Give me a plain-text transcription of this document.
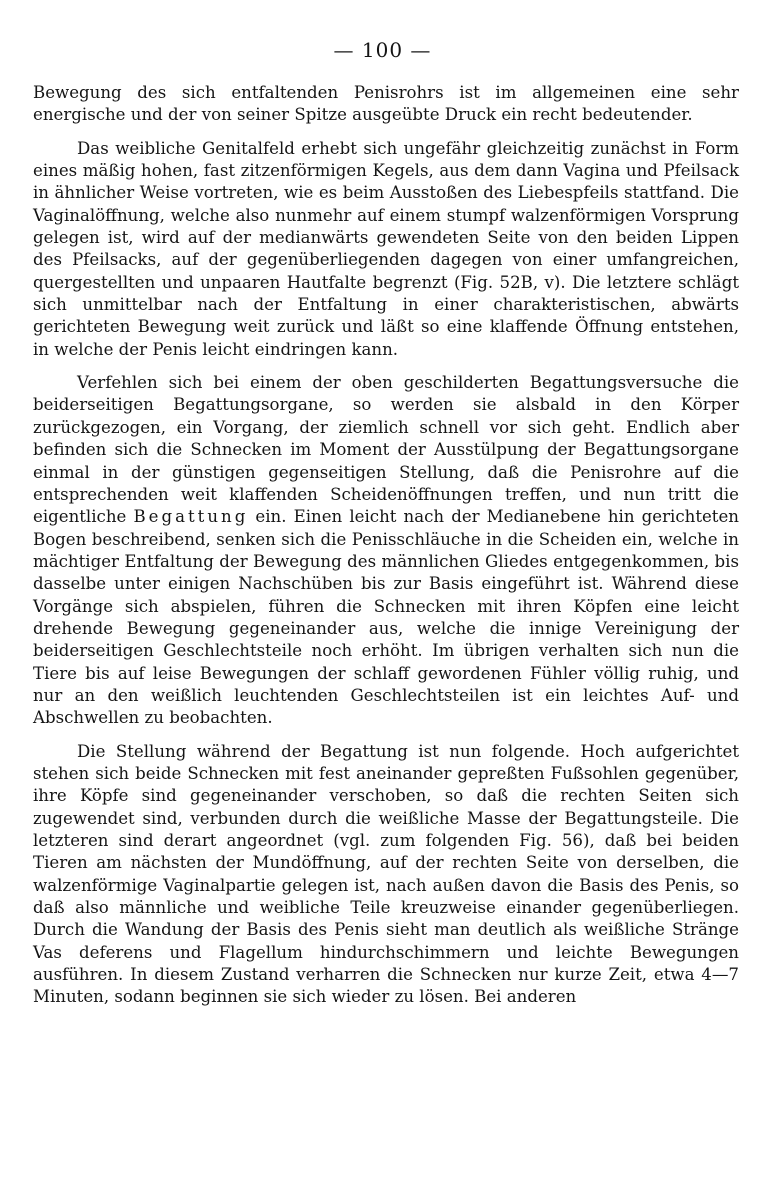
— 100 —

Bewegung des sich entfaltenden Penisrohrs ist im allgemeinen eine sehr energische und der von seiner Spitze ausgeübte Druck ein recht bedeutender.

Das weibliche Genitalfeld erhebt sich ungefähr gleichzeitig zunächst in Form eines mäßig hohen, fast zitzenförmigen Kegels, aus dem dann Vagina und Pfeilsack in ähnlicher Weise vortreten, wie es beim Ausstoßen des Liebespfeils stattfand. Die Vaginalöffnung, welche also nunmehr auf einem stumpf walzenförmigen Vorsprung gelegen ist, wird auf der medianwärts gewendeten Seite von den beiden Lippen des Pfeilsacks, auf der gegenüberliegenden dagegen von einer umfangreichen, quergestellten und unpaaren Hautfalte begrenzt (Fig. 52B, v). Die letztere schlägt sich unmittelbar nach der Entfaltung in einer charakteristischen, abwärts gerichteten Bewegung weit zurück und läßt so eine klaffende Öffnung entstehen, in welche der Penis leicht eindringen kann.

Verfehlen sich bei einem der oben geschilderten Begattungsversuche die beiderseitigen Begattungsorgane, so werden sie alsbald in den Körper zurückgezogen, ein Vorgang, der ziemlich schnell vor sich geht. Endlich aber befinden sich die Schnecken im Moment der Ausstülpung der Begattungsorgane einmal in der günstigen gegenseitigen Stellung, daß die Penisrohre auf die entsprechenden weit klaffenden Scheidenöffnungen treffen, und nun tritt die eigentliche Begattung ein. Einen leicht nach der Medianebene hin gerichteten Bogen beschreibend, senken sich die Penisschläuche in die Scheiden ein, welche in mächtiger Entfaltung der Bewegung des männlichen Gliedes entgegenkommen, bis dasselbe unter einigen Nachschüben bis zur Basis eingeführt ist. Während diese Vorgänge sich abspielen, führen die Schnecken mit ihren Köpfen eine leicht drehende Bewegung gegeneinander aus, welche die innige Vereinigung der beiderseitigen Geschlechtsteile noch erhöht. Im übrigen verhalten sich nun die Tiere bis auf leise Bewegungen der schlaff gewordenen Fühler völlig ruhig, und nur an den weißlich leuchtenden Geschlechtsteilen ist ein leichtes Auf- und Abschwellen zu beobachten.

Die Stellung während der Begattung ist nun folgende. Hoch aufgerichtet stehen sich beide Schnecken mit fest aneinander gepreßten Fußsohlen gegenüber, ihre Köpfe sind gegeneinander verschoben, so daß die rechten Seiten sich zugewendet sind, verbunden durch die weißliche Masse der Begattungsteile. Die letzteren sind derart angeordnet (vgl. zum folgenden Fig. 56), daß bei beiden Tieren am nächsten der Mundöffnung, auf der rechten Seite von derselben, die walzenförmige Vaginalpartie gelegen ist, nach außen davon die Basis des Penis, so daß also männliche und weibliche Teile kreuzweise einander gegenüberliegen. Durch die Wandung der Basis des Penis sieht man deutlich als weißliche Stränge Vas deferens und Flagellum hindurchschimmern und leichte Bewegungen ausführen. In diesem Zustand verharren die Schnecken nur kurze Zeit, etwa 4—7 Minuten, sodann beginnen sie sich wieder zu lösen. Bei anderen
